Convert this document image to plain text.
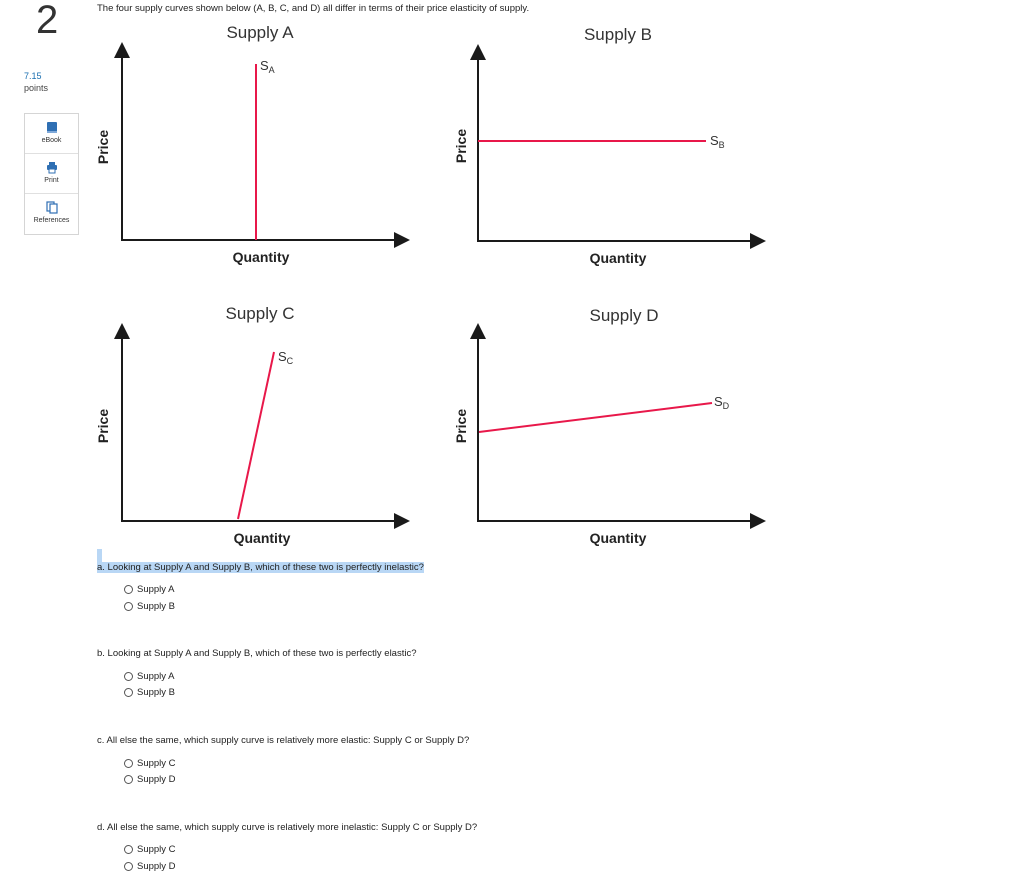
2
7.15
points
eBook
Print
References
The four supply curves shown below (A, B, C, and D) all differ in terms of their price elasticity of supply.
Supply A
Price
Quantity
$S_A$
Supply B
Price
Quantity
$S_B$
Supply C
Price
Quantity
$S_C$
Supply D
Price
Quantity
$S_D$
a. Looking at Supply A and Supply B, which of these two is perfectly inelastic?
Supply A
Supply B
b. Looking at Supply A and Supply B, which of these two is perfectly elastic?
Supply A
Supply B
c. All else the same, which supply curve is relatively more elastic: Supply C or Supply D?
Supply C
Supply D
d. All else the same, which supply curve is relatively more inelastic: Supply C or Supply D?
Supply C
Supply D
